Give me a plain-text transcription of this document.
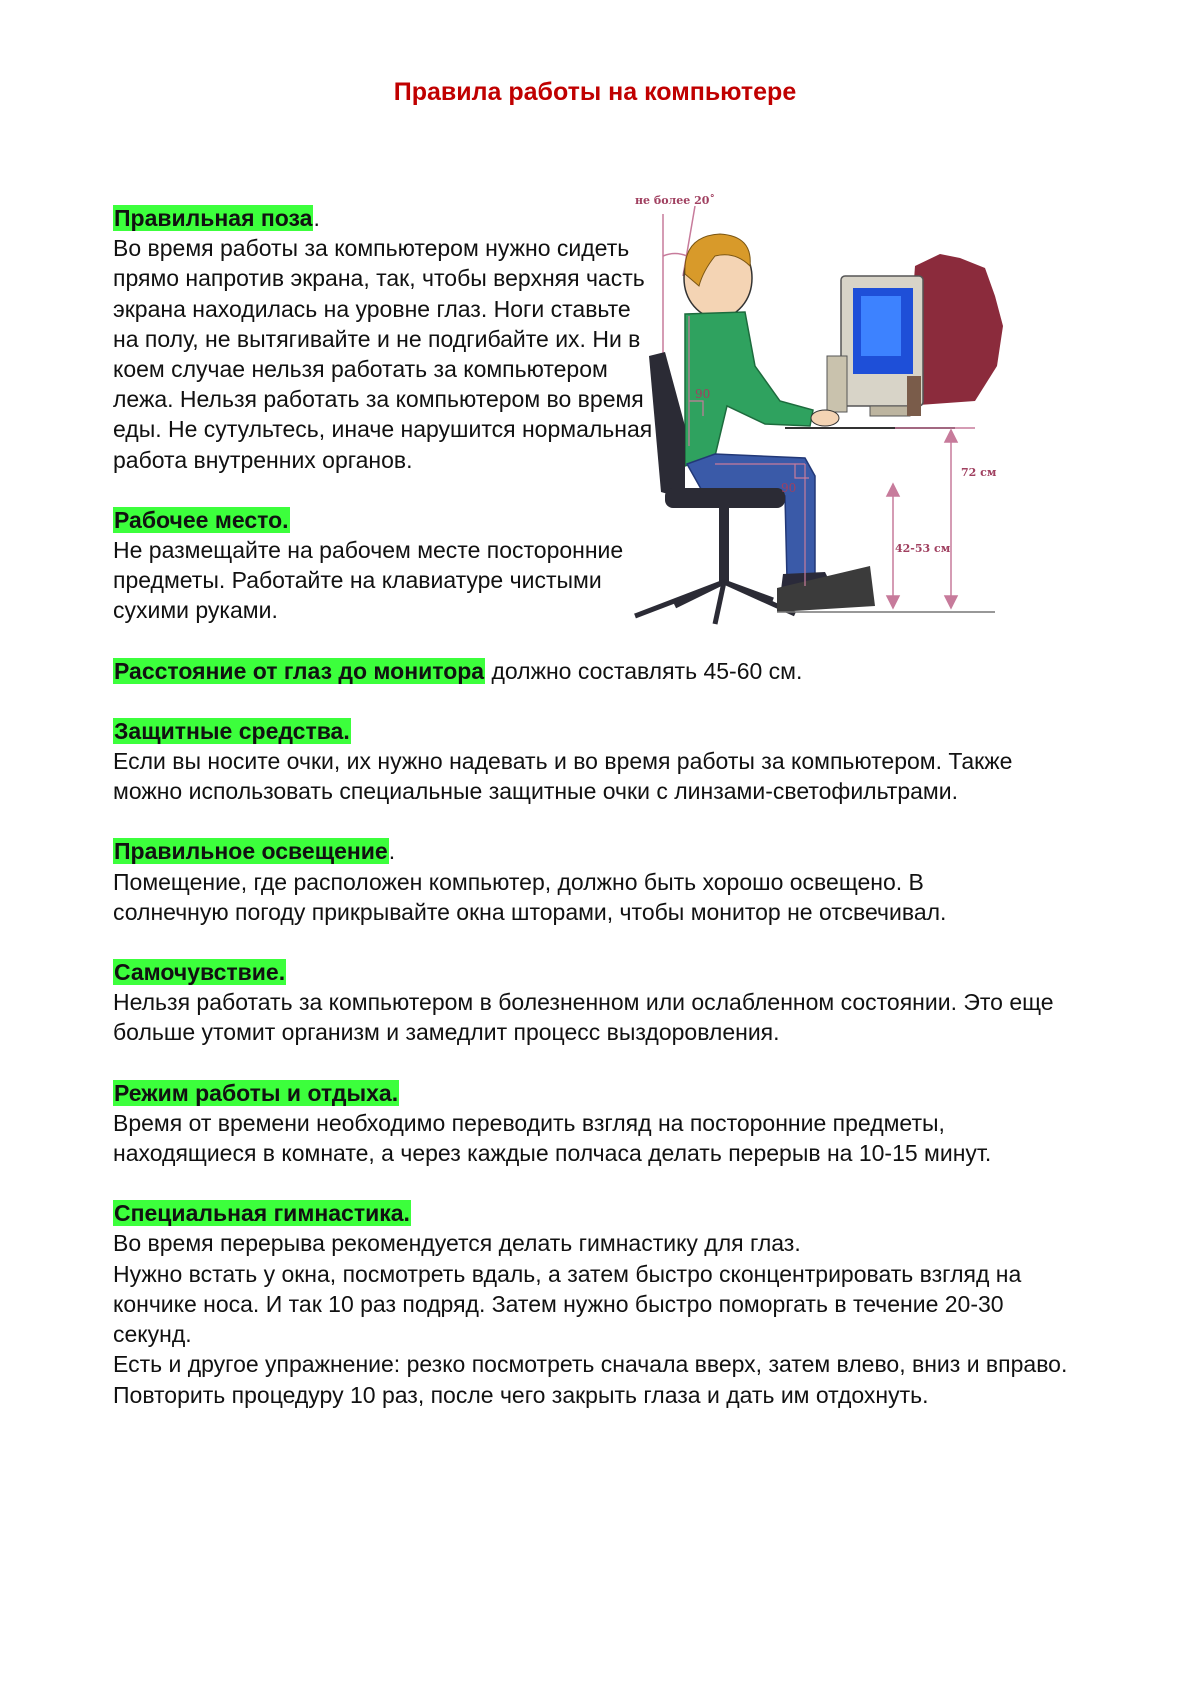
Правила работы на компьютере
не более 20˚
90
90
72 см
42-53 см
Правильная поза.
Во время работы за компьютером нужно сидеть прямо напротив экрана, так, чтобы верхняя часть экрана находилась на уровне глаз. Ноги ставьте на полу, не вытягивайте и не подгибайте их. Ни в коем случае нельзя работать за компьютером лежа. Нельзя работать за компьютером во время еды. Не сутультесь, иначе нарушится нормальная работа внутренних органов.
Рабочее место.
Не размещайте на рабочем месте посторонние предметы. Работайте на клавиатуре чистыми сухими руками.
Расстояние от глаз до монитора должно составлять 45-60 см.
Защитные средства.
Если вы носите очки, их нужно надевать и во время работы за компьютером. Также можно использовать специальные защитные очки с линзами-светофильтрами.
Правильное освещение.
Помещение, где расположен компьютер, должно быть хорошо освещено. В солнечную погоду прикрывайте окна шторами, чтобы монитор не отсвечивал.
Самочувствие.
Нельзя работать за компьютером в болезненном или ослабленном состоянии. Это еще больше утомит организм и замедлит процесс выздоровления.
Режим работы и отдыха.
Время от времени необходимо переводить взгляд на посторонние предметы, находящиеся в комнате, а через каждые полчаса делать перерыв на 10-15 минут.
Специальная гимнастика.
Во время перерыва рекомендуется делать гимнастику для глаз.
Нужно встать у окна, посмотреть вдаль, а затем быстро сконцентрировать взгляд на кончике носа. И так 10 раз подряд. Затем нужно быстро поморгать в течение 20-30 секунд.
Есть и другое упражнение: резко посмотреть сначала вверх, затем влево, вниз и вправо. Повторить процедуру 10 раз, после чего закрыть глаза и дать им отдохнуть.
